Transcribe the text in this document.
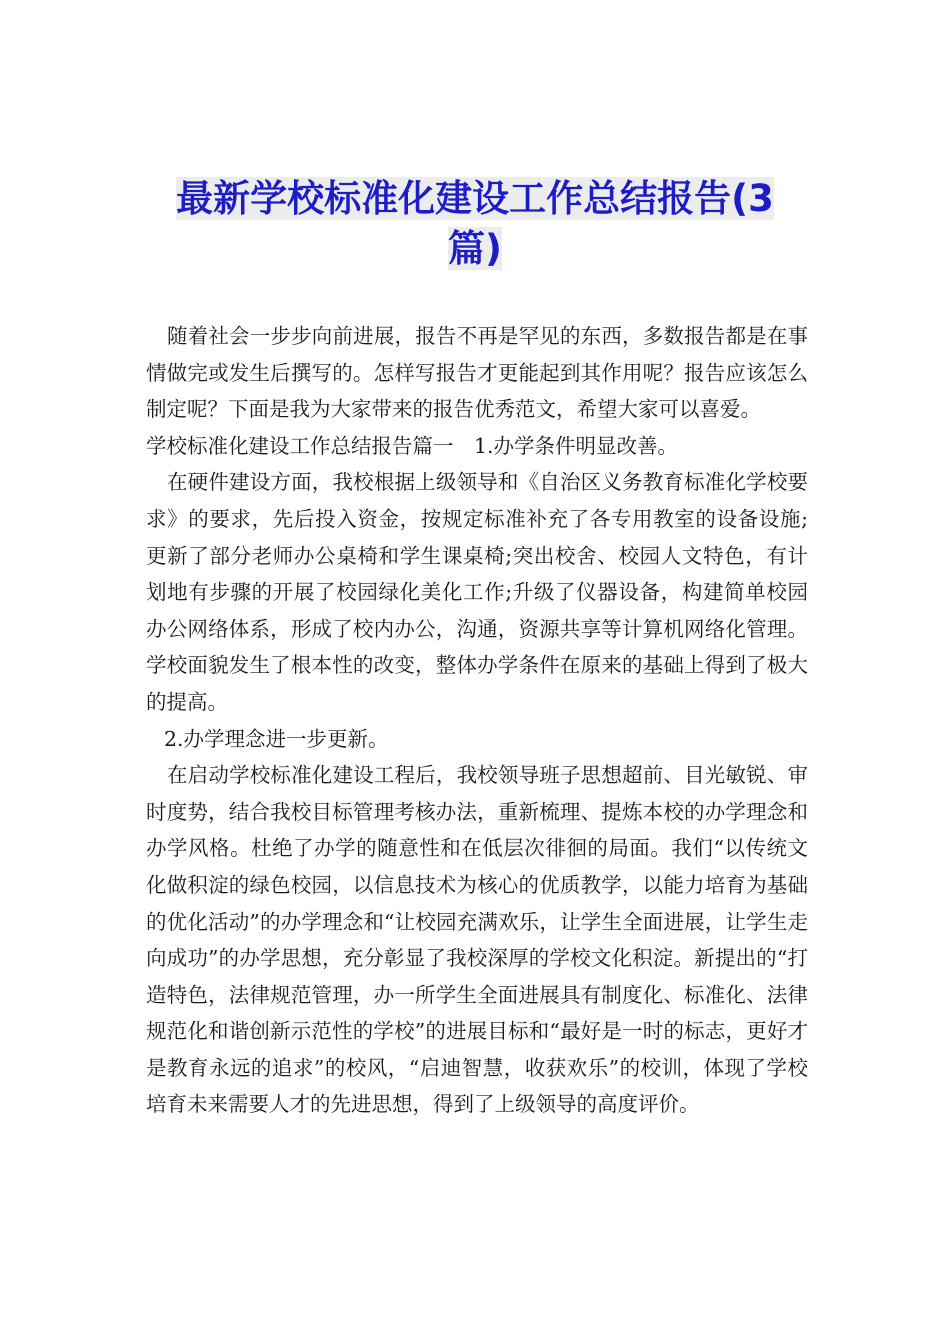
最新学校标准化建设工作总结报告(3
篇)

随着社会一步步向前进展，报告不再是罕见的东西，多数报告都是在事情做完或发生后撰写的。怎样写报告才更能起到其作用呢？报告应该怎么制定呢？下面是我为大家带来的报告优秀范文，希望大家可以喜爱。

学校标准化建设工作总结报告篇一　1.办学条件明显改善。

在硬件建设方面，我校根据上级领导和《自治区义务教育标准化学校要求》的要求，先后投入资金，按规定标准补充了各专用教室的设备设施;更新了部分老师办公桌椅和学生课桌椅;突出校舍、校园人文特色，有计划地有步骤的开展了校园绿化美化工作;升级了仪器设备，构建简单校园办公网络体系，形成了校内办公，沟通，资源共享等计算机网络化管理。 学校面貌发生了根本性的改变，整体办学条件在原来的基础上得到了极大的提高。

2.办学理念进一步更新。

在启动学校标准化建设工程后，我校领导班子思想超前、目光敏锐、审时度势，结合我校目标管理考核办法，重新梳理、提炼本校的办学理念和办学风格。杜绝了办学的随意性和在低层次徘徊的局面。我们“以传统文化做积淀的绿色校园，以信息技术为核心的优质教学，以能力培育为基础的优化活动”的办学理念和“让校园充满欢乐，让学生全面进展，让学生走向成功”的办学思想，充分彰显了我校深厚的学校文化积淀。新提出的“打造特色，法律规范管理，办一所学生全面进展具有制度化、标准化、法律规范化和谐创新示范性的学校”的进展目标和“最好是一时的标志，更好才是教育永远的追求”的校风，“启迪智慧，收获欢乐”的校训，体现了学校培育未来需要人才的先进思想，得到了上级领导的高度评价。
